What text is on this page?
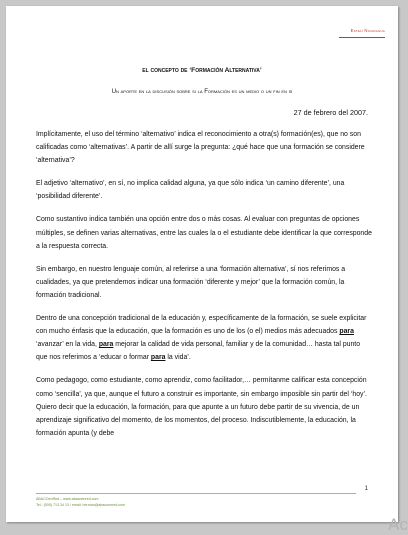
Estelí Nicaragua
el concepto de ‘Formación Alternativa’
Un aporte en la discusión sobre si la Formación es un medio o un fin en sí
27 de febrero del 2007.

Implícitamente, el uso del término ‘alternativo’ indica el reconocimiento a otra(s) formación(es), que no son calificadas como ‘alternativas’. A partir de allí surge la pregunta: ¿qué hace que una formación se considere ‘alternativa’?

El adjetivo ‘alternativo’, en sí, no implica calidad alguna, ya que sólo indica ‘un camino diferente’, una ‘posibilidad diferente’.

Como sustantivo indica también una opción entre dos o más cosas. Al evaluar con preguntas de opciones múltiples, se definen varias alternativas, entre las cuales la o el estudiante debe identificar la que corresponde a la respuesta correcta.

Sin embargo, en nuestro lenguaje común, al referirse a una ‘formación alternativa’, sí nos referimos a cualidades, ya que pretendemos indicar una formación ‘diferente y mejor’ que la formación común, la formación tradicional.

Dentro de una concepción tradicional de la educación y, específicamente de la formación, se suele explicitar con mucho énfasis que la educación, que la formación es uno de los (o el) medios más adecuados para ‘avanzar’ en la vida, para mejorar la calidad de vida personal, familiar y de la comunidad… hasta tal punto que nos referimos a ‘educar o formar para la vida’.

Como pedagogo, como estudiante, como aprendiz, como facilitador,… permítanme calificar esta concepción como ‘sencilla’, ya que, aunque el futuro a construir es importante, sin embargo imposible sin partir del ‘hoy’. Quiero decir que la educación, la formación, para que apunte a un futuro debe partir de su vivencia, de un aprendizaje significativo del momento, de los momentos, del proceso. Indiscutiblemente, la educación, la formación apunta (y debe

1
ABACOenRed – www.abacoenred.com
Tel.: (505) 713 34 13 / email: herman@abacoenred.com
Ac
